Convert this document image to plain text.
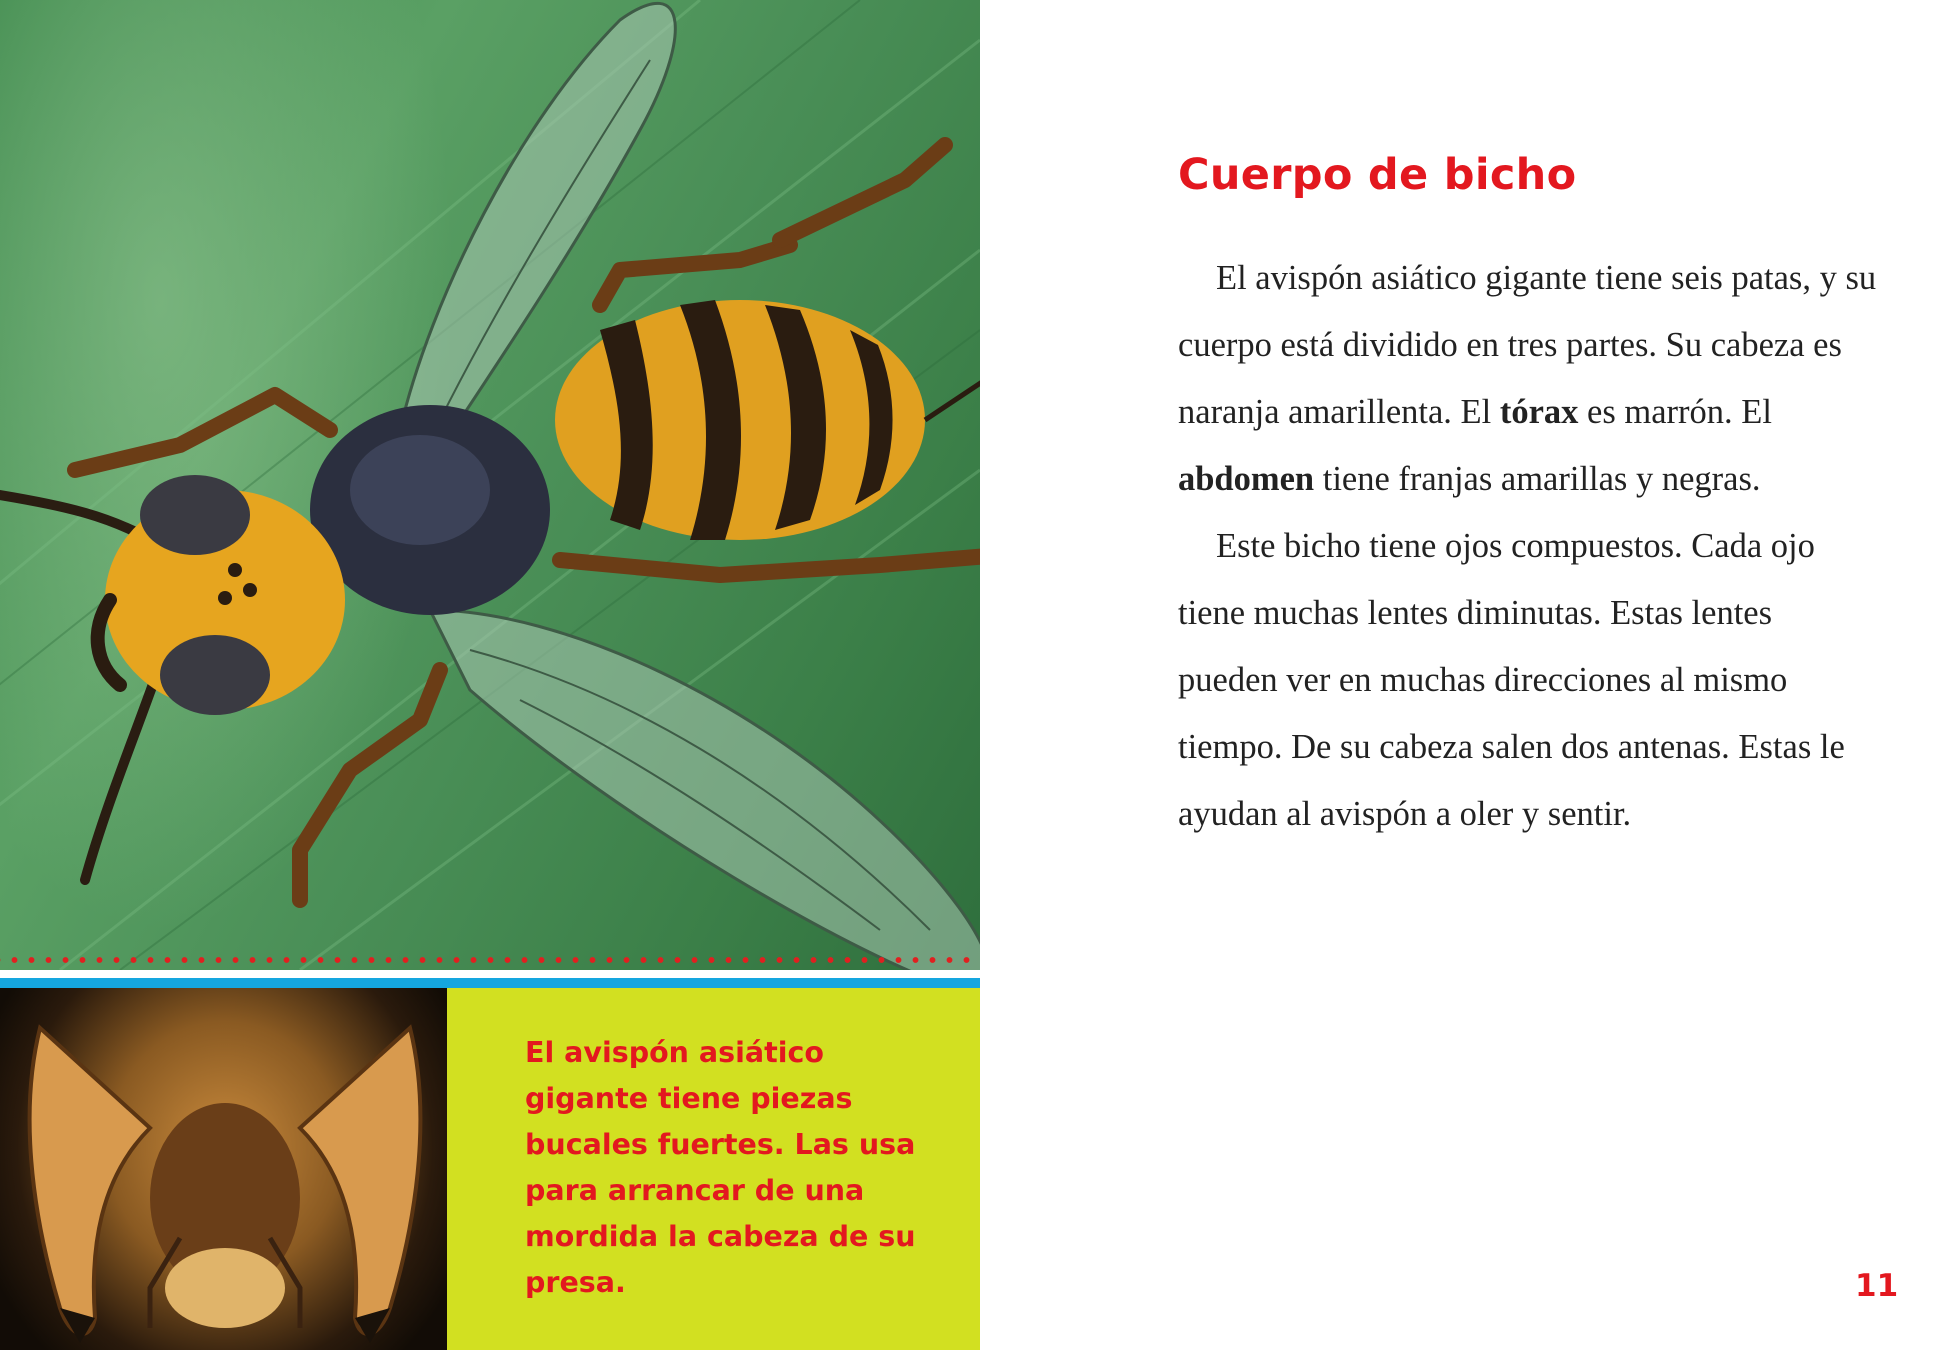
El avispón asiático gigante tiene piezas bucales fuertes. Las usa para arrancar de una mordida la cabeza de su presa.

Cuerpo de bicho

El avispón asiático gigante tiene seis patas, y su cuerpo está dividido en tres partes. Su cabeza es naranja amarillenta. El tórax es marrón. El abdomen tiene franjas amarillas y negras.

Este bicho tiene ojos compuestos. Cada ojo tiene muchas lentes diminutas. Estas lentes pueden ver en muchas direcciones al mismo tiempo. De su cabeza salen dos antenas. Estas le ayudan al avispón a oler y sentir.

11
